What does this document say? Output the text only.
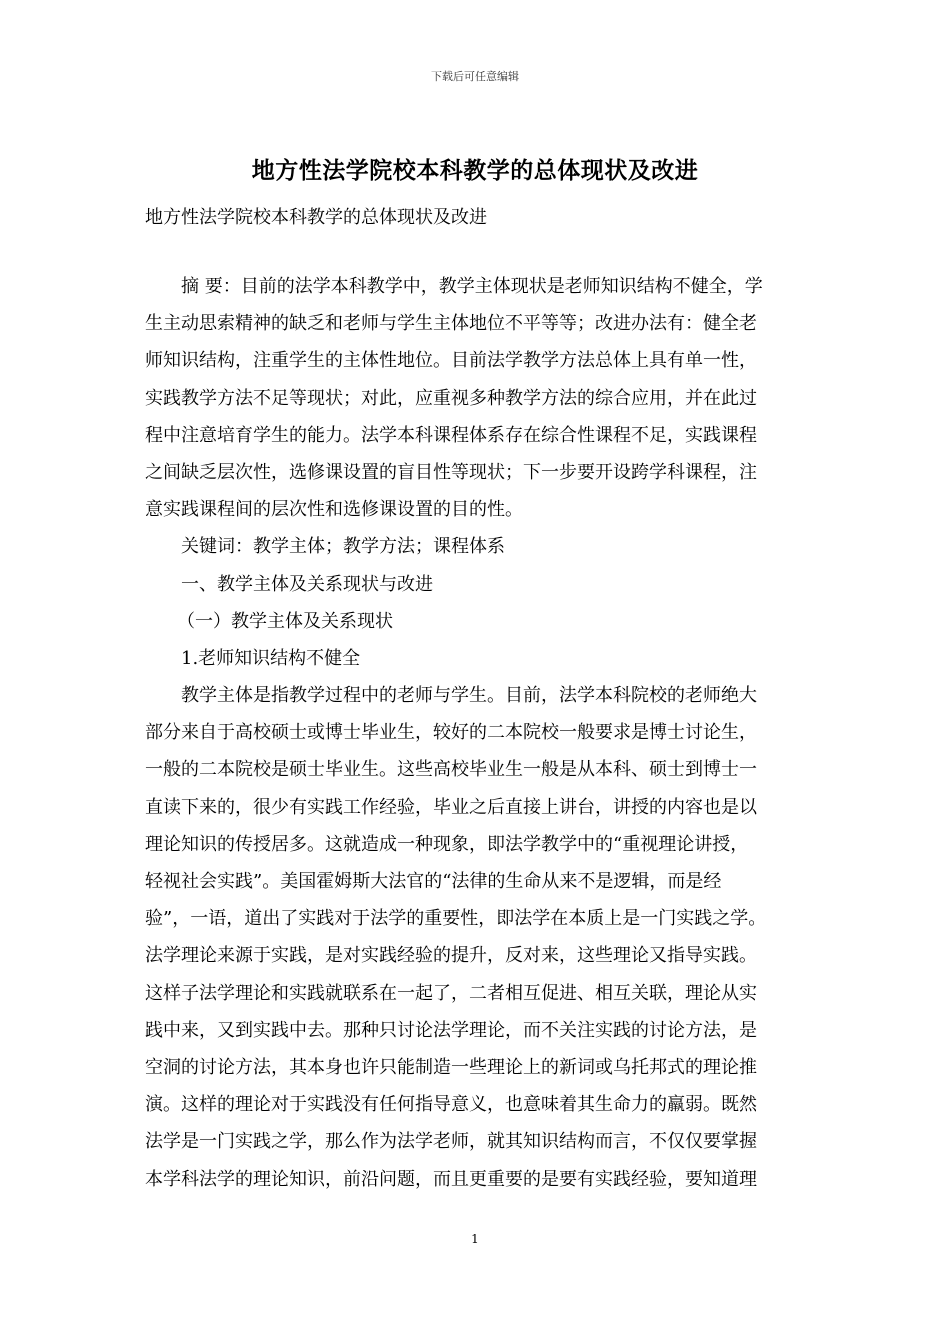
下载后可任意编辑
地方性法学院校本科教学的总体现状及改进
地方性法学院校本科教学的总体现状及改进
摘 要：目前的法学本科教学中，教学主体现状是老师知识结构不健全，学
生主动思索精神的缺乏和老师与学生主体地位不平等等；改进办法有：健全老
师知识结构，注重学生的主体性地位。目前法学教学方法总体上具有单一性，
实践教学方法不足等现状；对此，应重视多种教学方法的综合应用，并在此过
程中注意培育学生的能力。法学本科课程体系存在综合性课程不足，实践课程
之间缺乏层次性，选修课设置的盲目性等现状；下一步要开设跨学科课程，注
意实践课程间的层次性和选修课设置的目的性。
关键词：教学主体；教学方法；课程体系
一、教学主体及关系现状与改进
（一）教学主体及关系现状
1.老师知识结构不健全
教学主体是指教学过程中的老师与学生。目前，法学本科院校的老师绝大
部分来自于高校硕士或博士毕业生，较好的二本院校一般要求是博士讨论生，
一般的二本院校是硕士毕业生。这些高校毕业生一般是从本科、硕士到博士一
直读下来的，很少有实践工作经验，毕业之后直接上讲台，讲授的内容也是以
理论知识的传授居多。这就造成一种现象，即法学教学中的“重视理论讲授，
轻视社会实践”。美国霍姆斯大法官的“法律的生命从来不是逻辑，而是经
验”，一语，道出了实践对于法学的重要性，即法学在本质上是一门实践之学。
法学理论来源于实践，是对实践经验的提升，反对来，这些理论又指导实践。
这样子法学理论和实践就联系在一起了，二者相互促进、相互关联，理论从实
践中来，又到实践中去。那种只讨论法学理论，而不关注实践的讨论方法，是
空洞的讨论方法，其本身也许只能制造一些理论上的新词或乌托邦式的理论推
演。这样的理论对于实践没有任何指导意义，也意味着其生命力的羸弱。既然
法学是一门实践之学，那么作为法学老师，就其知识结构而言，不仅仅要掌握
本学科法学的理论知识，前沿问题，而且更重要的是要有实践经验，要知道理
1
